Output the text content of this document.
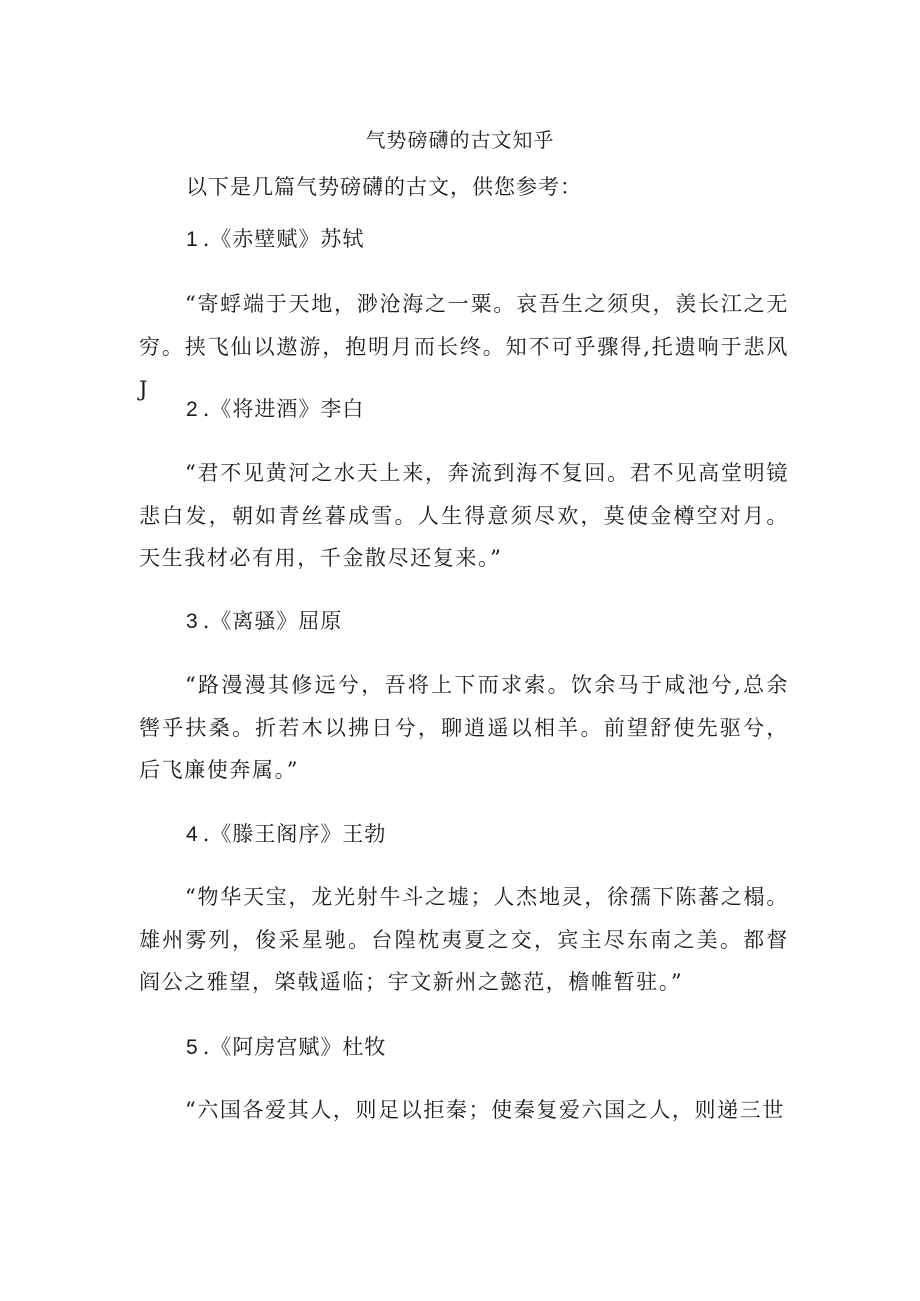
气势磅礴的古文知乎
以下是几篇气势磅礴的古文，供您参考：
1 .《赤壁赋》苏轼
“寄蜉端于天地，渺沧海之一粟。哀吾生之须臾，羡长江之无穷。挟飞仙以遨游，抱明月而长终。知不可乎骤得,托遗响于悲风J
2 .《将进酒》李白
“君不见黄河之水天上来，奔流到海不复回。君不见高堂明镜悲白发，朝如青丝暮成雪。人生得意须尽欢，莫使金樽空对月。天生我材必有用，千金散尽还复来。”
3 .《离骚》屈原
“路漫漫其修远兮，吾将上下而求索。饮余马于咸池兮,总余辔乎扶桑。折若木以拂日兮，聊逍遥以相羊。前望舒使先驱兮，后飞廉使奔属。”
4 .《滕王阁序》王勃
“物华天宝，龙光射牛斗之墟；人杰地灵，徐孺下陈蕃之榻。雄州雾列，俊采星驰。台隍枕夷夏之交，宾主尽东南之美。都督阎公之雅望，棨戟遥临；宇文新州之懿范，檐帷暂驻。”
5 .《阿房宫赋》杜牧
“六国各爱其人，则足以拒秦；使秦复爱六国之人，则递三世
